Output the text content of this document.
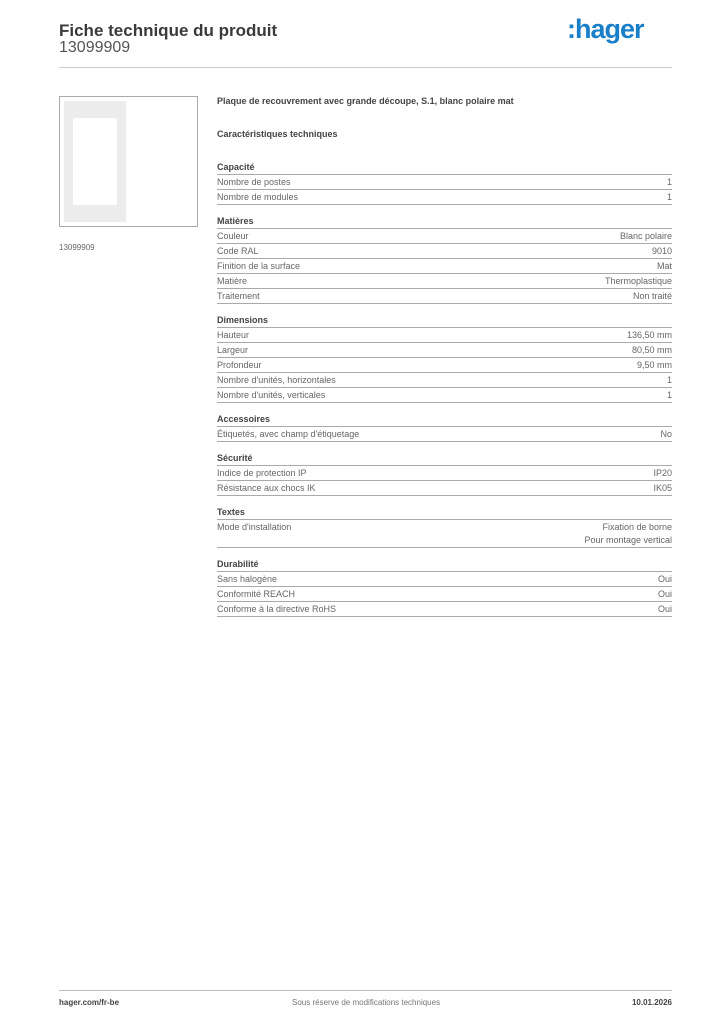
Fiche technique du produit
13099909
:hager
13099909
Plaque de recouvrement avec grande découpe, S.1, blanc polaire mat
Caractéristiques techniques
Capacité
Nombre de postes	1
Nombre de modules	1
Matières
Couleur	Blanc polaire
Code RAL	9010
Finition de la surface	Mat
Matière	Thermoplastique
Traitement	Non traité
Dimensions
Hauteur	136,50 mm
Largeur	80,50 mm
Profondeur	9,50 mm
Nombre d'unités, horizontales	1
Nombre d'unités, verticales	1
Accessoires
Étiquetés, avec champ d'étiquetage	No
Sécurité
Indice de protection IP	IP20
Résistance aux chocs IK	IK05
Textes
Mode d'installation	Fixation de borne
Pour montage vertical
Durabilité
Sans halogène	Oui
Conformité REACH	Oui
Conforme à la directive RoHS	Oui
hager.com/fr-be	Sous réserve de modifications techniques	10.01.2026
